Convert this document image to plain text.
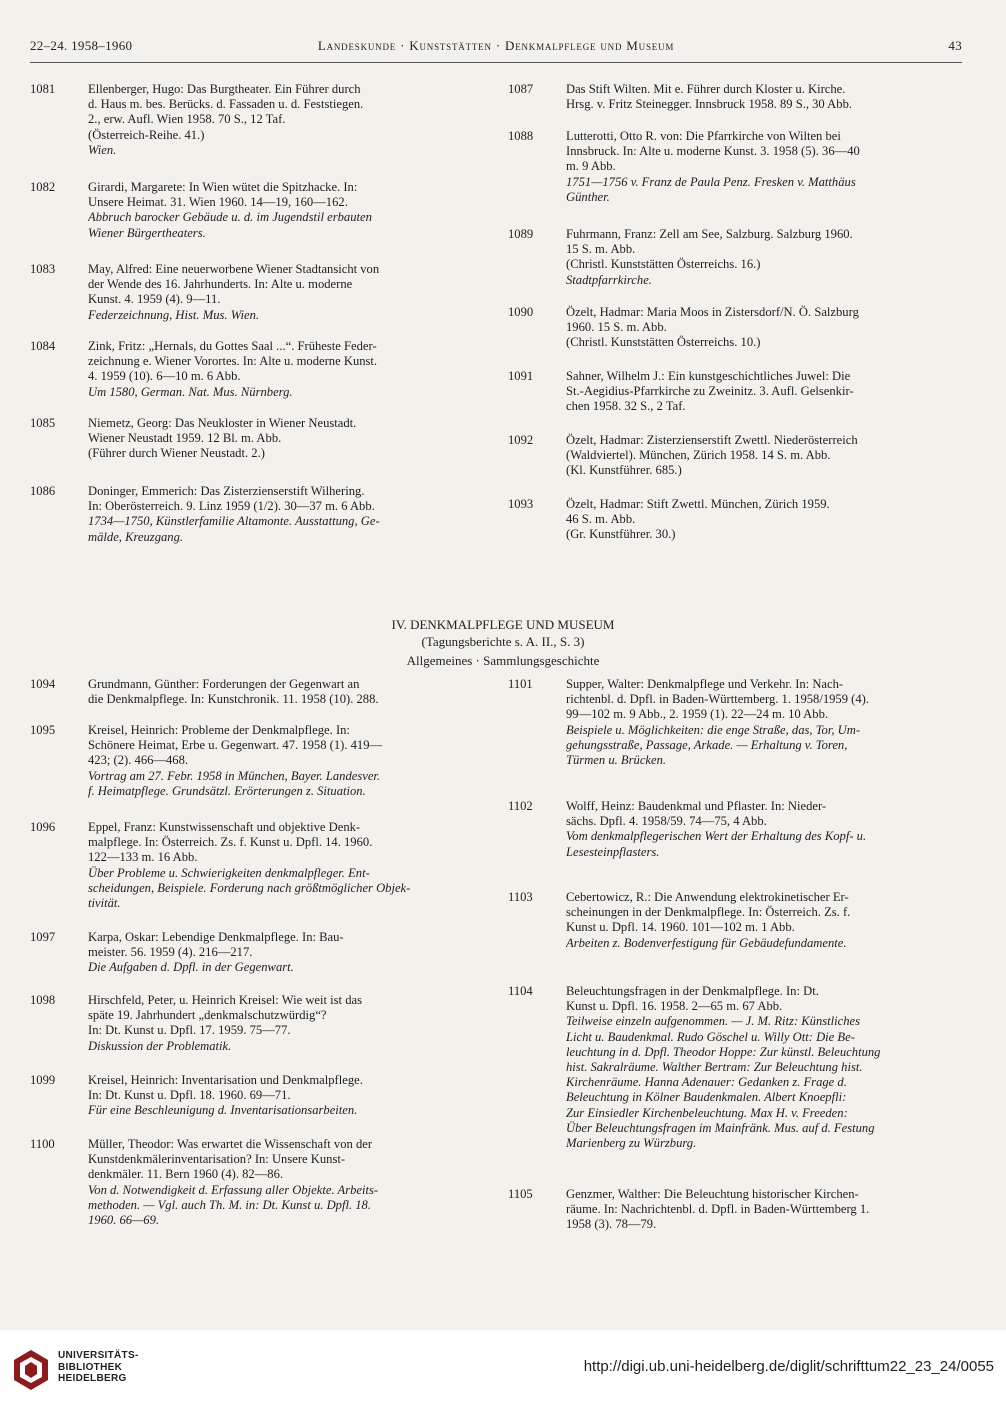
22–24. 1958–1960	Landeskunde · Kunststätten · Denkmalpflege und Museum	43
1081	Ellenberger, Hugo: Das Burgtheater. Ein Führer durch
d. Haus m. bes. Berücks. d. Fassaden u. d. Feststiegen.
2., erw. Aufl. Wien 1958. 70 S., 12 Taf.
(Österreich-Reihe. 41.)
Wien.
1082	Girardi, Margarete: In Wien wütet die Spitzhacke. In:
Unsere Heimat. 31. Wien 1960. 14—19, 160—162.
Abbruch barocker Gebäude u. d. im Jugendstil erbauten
Wiener Bürgertheaters.
1083	May, Alfred: Eine neuerworbene Wiener Stadtansicht von
der Wende des 16. Jahrhunderts. In: Alte u. moderne
Kunst. 4. 1959 (4). 9—11.
Federzeichnung, Hist. Mus. Wien.
1084	Zink, Fritz: „Hernals, du Gottes Saal ...“. Früheste Feder-
zeichnung e. Wiener Vorortes. In: Alte u. moderne Kunst.
4. 1959 (10). 6—10 m. 6 Abb.
Um 1580, German. Nat. Mus. Nürnberg.
1085	Niemetz, Georg: Das Neukloster in Wiener Neustadt.
Wiener Neustadt 1959. 12 Bl. m. Abb.
(Führer durch Wiener Neustadt. 2.)
1086	Doninger, Emmerich: Das Zisterzienserstift Wilhering.
In: Oberösterreich. 9. Linz 1959 (1/2). 30—37 m. 6 Abb.
1734—1750, Künstlerfamilie Altamonte. Ausstattung, Ge-
mälde, Kreuzgang.
1087	Das Stift Wilten. Mit e. Führer durch Kloster u. Kirche.
Hrsg. v. Fritz Steinegger. Innsbruck 1958. 89 S., 30 Abb.
1088	Lutterotti, Otto R. von: Die Pfarrkirche von Wilten bei
Innsbruck. In: Alte u. moderne Kunst. 3. 1958 (5). 36—40
m. 9 Abb.
1751—1756 v. Franz de Paula Penz. Fresken v. Matthäus
Günther.
1089	Fuhrmann, Franz: Zell am See, Salzburg. Salzburg 1960.
15 S. m. Abb.
(Christl. Kunststätten Österreichs. 16.)
Stadtpfarrkirche.
1090	Özelt, Hadmar: Maria Moos in Zistersdorf/N. Ö. Salzburg
1960. 15 S. m. Abb.
(Christl. Kunststätten Österreichs. 10.)
1091	Sahner, Wilhelm J.: Ein kunstgeschichtliches Juwel: Die
St.-Aegidius-Pfarrkirche zu Zweinitz. 3. Aufl. Gelsenkir-
chen 1958. 32 S., 2 Taf.
1092	Özelt, Hadmar: Zisterzienserstift Zwettl. Niederösterreich
(Waldviertel). München, Zürich 1958. 14 S. m. Abb.
(Kl. Kunstführer. 685.)
1093	Özelt, Hadmar: Stift Zwettl. München, Zürich 1959.
46 S. m. Abb.
(Gr. Kunstführer. 30.)
IV. DENKMALPFLEGE UND MUSEUM
(Tagungsberichte s. A. II., S. 3)
Allgemeines · Sammlungsgeschichte
1094	Grundmann, Günther: Forderungen der Gegenwart an
die Denkmalpflege. In: Kunstchronik. 11. 1958 (10). 288.
1095	Kreisel, Heinrich: Probleme der Denkmalpflege. In:
Schönere Heimat, Erbe u. Gegenwart. 47. 1958 (1). 419—
423; (2). 466—468.
Vortrag am 27. Febr. 1958 in München, Bayer. Landesver.
f. Heimatpflege. Grundsätzl. Erörterungen z. Situation.
1096	Eppel, Franz: Kunstwissenschaft und objektive Denk-
malpflege. In: Österreich. Zs. f. Kunst u. Dpfl. 14. 1960.
122—133 m. 16 Abb.
Über Probleme u. Schwierigkeiten denkmalpfleger. Ent-
scheidungen, Beispiele. Forderung nach größtmöglicher Objek-
tivität.
1097	Karpa, Oskar: Lebendige Denkmalpflege. In: Bau-
meister. 56. 1959 (4). 216—217.
Die Aufgaben d. Dpfl. in der Gegenwart.
1098	Hirschfeld, Peter, u. Heinrich Kreisel: Wie weit ist das
späte 19. Jahrhundert „denkmalschutzwürdig“?
In: Dt. Kunst u. Dpfl. 17. 1959. 75—77.
Diskussion der Problematik.
1099	Kreisel, Heinrich: Inventarisation und Denkmalpflege.
In: Dt. Kunst u. Dpfl. 18. 1960. 69—71.
Für eine Beschleunigung d. Inventarisationsarbeiten.
1100	Müller, Theodor: Was erwartet die Wissenschaft von der
Kunstdenkmälerinventarisation? In: Unsere Kunst-
denkmäler. 11. Bern 1960 (4). 82—86.
Von d. Notwendigkeit d. Erfassung aller Objekte. Arbeits-
methoden. — Vgl. auch Th. M. in: Dt. Kunst u. Dpfl. 18.
1960. 66—69.
1101	Supper, Walter: Denkmalpflege und Verkehr. In: Nach-
richtenbl. d. Dpfl. in Baden-Württemberg. 1. 1958/1959 (4).
99—102 m. 9 Abb., 2. 1959 (1). 22—24 m. 10 Abb.
Beispiele u. Möglichkeiten: die enge Straße, das, Tor, Um-
gehungsstraße, Passage, Arkade. — Erhaltung v. Toren,
Türmen u. Brücken.
1102	Wolff, Heinz: Baudenkmal und Pflaster. In: Nieder-
sächs. Dpfl. 4. 1958/59. 74—75, 4 Abb.
Vom denkmalpflegerischen Wert der Erhaltung des Kopf- u.
Lesesteinpflasters.
1103	Cebertowicz, R.: Die Anwendung elektrokinetischer Er-
scheinungen in der Denkmalpflege. In: Österreich. Zs. f.
Kunst u. Dpfl. 14. 1960. 101—102 m. 1 Abb.
Arbeiten z. Bodenverfestigung für Gebäudefundamente.
1104	Beleuchtungsfragen in der Denkmalpflege. In: Dt.
Kunst u. Dpfl. 16. 1958. 2—65 m. 67 Abb.
Teilweise einzeln aufgenommen. — J. M. Ritz: Künstliches
Licht u. Baudenkmal. Rudo Göschel u. Willy Ott: Die Be-
leuchtung in d. Dpfl. Theodor Hoppe: Zur künstl. Beleuchtung
hist. Sakralräume. Walther Bertram: Zur Beleuchtung hist.
Kirchenräume. Hanna Adenauer: Gedanken z. Frage d.
Beleuchtung in Kölner Baudenkmalen. Albert Knoepfli:
Zur Einsiedler Kirchenbeleuchtung. Max H. v. Freeden:
Über Beleuchtungsfragen im Mainfränk. Mus. auf d. Festung
Marienberg zu Würzburg.
1105	Genzmer, Walther: Die Beleuchtung historischer Kirchen-
räume. In: Nachrichtenbl. d. Dpfl. in Baden-Württemberg 1.
1958 (3). 78—79.
UNIVERSITÄTS-
BIBLIOTHEK
HEIDELBERG
http://digi.ub.uni-heidelberg.de/diglit/schrifttum22_23_24/0055
